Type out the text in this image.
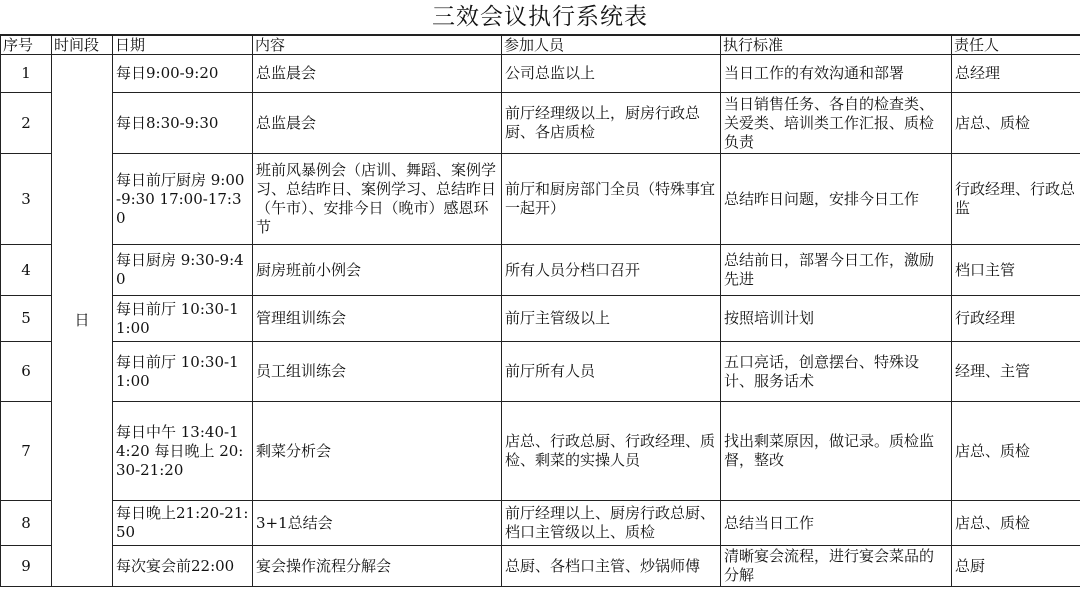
三效会议执行系统表
序号	时间段	日期	内容	参加人员	执行标准	责任人
1	日	每日9:00-9:20	总监晨会	公司总监以上	当日工作的有效沟通和部署	总经理
2		每日8:30-9:30	总监晨会	前厅经理级以上，厨房行政总厨、各店质检	当日销售任务、各自的检查类、关爱类、培训类工作汇报、质检负责	店总、质检
3		每日前厅厨房 9:00-9:30 17:00-17:30	班前风暴例会（店训、舞蹈、案例学习、总结昨日、案例学习、总结昨日（午市）、安排今日（晚市）感恩环节	前厅和厨房部门全员（特殊事宜一起开）	总结昨日问题，安排今日工作	行政经理、行政总监
4		每日厨房 9:30-9:40	厨房班前小例会	所有人员分档口召开	总结前日，部署今日工作，激励先进	档口主管
5		每日前厅 10:30-11:00	管理组训练会	前厅主管级以上	按照培训计划	行政经理
6		每日前厅 10:30-11:00	员工组训练会	前厅所有人员	五口亮话，创意摆台、特殊设计、服务话术	经理、主管
7		每日中午 13:40-14:20 每日晚上 20:30-21:20	剩菜分析会	店总、行政总厨、行政经理、质检、剩菜的实操人员	找出剩菜原因，做记录。质检监督，整改	店总、质检
8		每日晚上21:20-21:50	3+1总结会	前厅经理以上、厨房行政总厨、档口主管级以上、质检	总结当日工作	店总、质检
9		每次宴会前22:00	宴会操作流程分解会	总厨、各档口主管、炒锅师傅	清晰宴会流程，进行宴会菜品的分解	总厨
